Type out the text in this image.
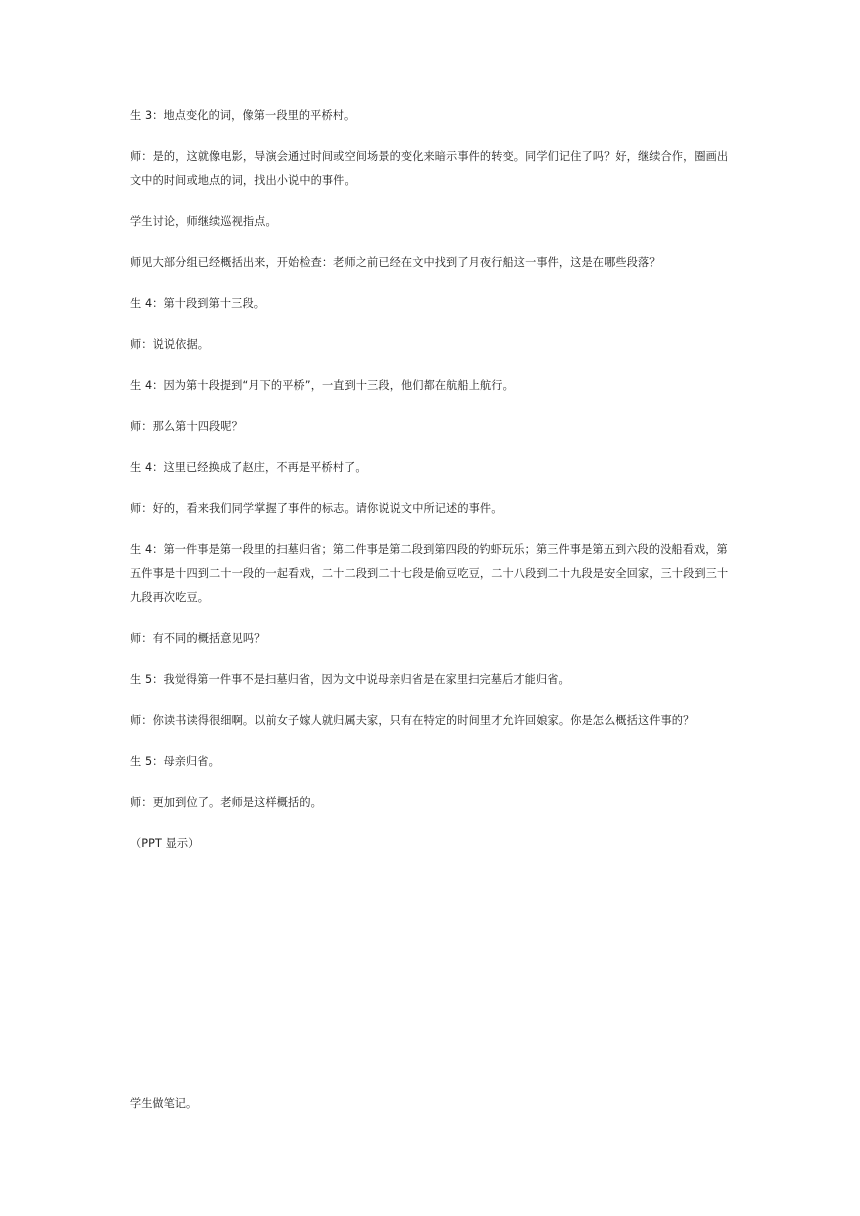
生 3：地点变化的词，像第一段里的平桥村。

师：是的，这就像电影，导演会通过时间或空间场景的变化来暗示事件的转变。同学们记住了吗？好，继续合作，圈画出文中的时间或地点的词，找出小说中的事件。

学生讨论，师继续巡视指点。

师见大部分组已经概括出来，开始检查：老师之前已经在文中找到了月夜行船这一事件，这是在哪些段落？

生 4：第十段到第十三段。

师：说说依据。

生 4：因为第十段提到“月下的平桥”，一直到十三段，他们都在航船上航行。

师：那么第十四段呢？

生 4：这里已经换成了赵庄，不再是平桥村了。

师：好的，看来我们同学掌握了事件的标志。请你说说文中所记述的事件。

生 4：第一件事是第一段里的扫墓归省；第二件事是第二段到第四段的钓虾玩乐；第三件事是第五到六段的没船看戏，第五件事是十四到二十一段的一起看戏，二十二段到二十七段是偷豆吃豆，二十八段到二十九段是安全回家，三十段到三十九段再次吃豆。

师：有不同的概括意见吗？

生 5：我觉得第一件事不是扫墓归省，因为文中说母亲归省是在家里扫完墓后才能归省。

师：你读书读得很细啊。以前女子嫁人就归属夫家，只有在特定的时间里才允许回娘家。你是怎么概括这件事的？

生 5：母亲归省。

师：更加到位了。老师是这样概括的。

（PPT 显示）

学生做笔记。
